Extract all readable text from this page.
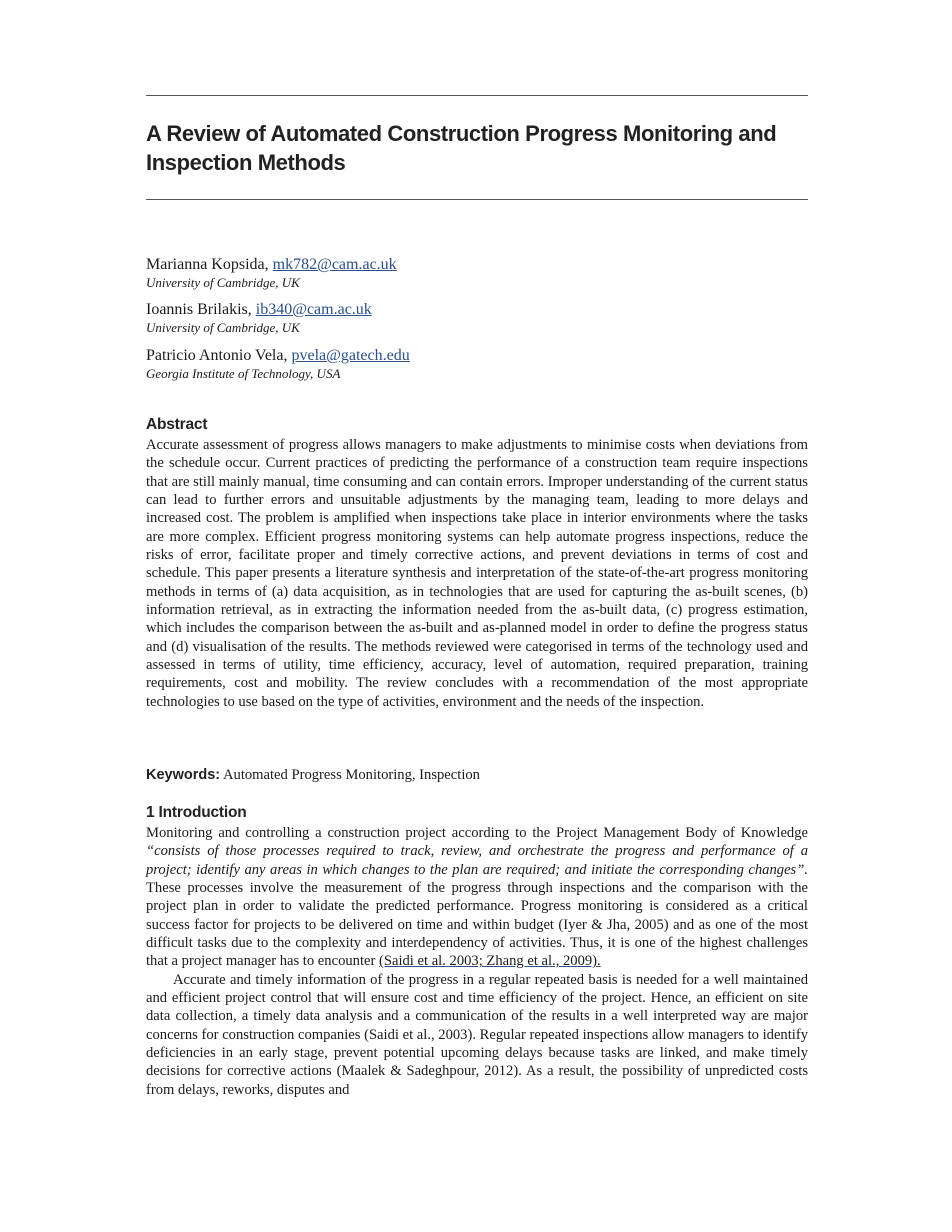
A Review of Automated Construction Progress Monitoring and Inspection Methods
Marianna Kopsida, mk782@cam.ac.uk
University of Cambridge, UK
Ioannis Brilakis, ib340@cam.ac.uk
University of Cambridge, UK
Patricio Antonio Vela, pvela@gatech.edu
Georgia Institute of Technology, USA
Abstract

Accurate assessment of progress allows managers to make adjustments to minimise costs when deviations from the schedule occur. Current practices of predicting the performance of a construction team require inspections that are still mainly manual, time consuming and can contain errors. Improper understanding of the current status can lead to further errors and unsuitable adjustments by the managing team, leading to more delays and increased cost. The problem is amplified when inspections take place in interior environments where the tasks are more complex. Efficient progress monitoring systems can help automate progress inspections, reduce the risks of error, facilitate proper and timely corrective actions, and prevent deviations in terms of cost and schedule. This paper presents a literature synthesis and interpretation of the state-of-the-art progress monitoring methods in terms of (a) data acquisition, as in technologies that are used for capturing the as-built scenes, (b) information retrieval, as in extracting the information needed from the as-built data, (c) progress estimation, which includes the comparison between the as-built and as-planned model in order to define the progress status and (d) visualisation of the results. The methods reviewed were categorised in terms of the technology used and assessed in terms of utility, time efficiency, accuracy, level of automation, required preparation, training requirements, cost and mobility. The review concludes with a recommendation of the most appropriate technologies to use based on the type of activities, environment and the needs of the inspection.

Keywords: Automated Progress Monitoring, Inspection
1 Introduction

Monitoring and controlling a construction project according to the Project Management Body of Knowledge “consists of those processes required to track, review, and orchestrate the progress and performance of a project; identify any areas in which changes to the plan are required; and initiate the corresponding changes”. These processes involve the measurement of the progress through inspections and the comparison with the project plan in order to validate the predicted performance. Progress monitoring is considered as a critical success factor for projects to be delivered on time and within budget (Iyer & Jha, 2005) and as one of the most difficult tasks due to the complexity and interdependency of activities. Thus, it is one of the highest challenges that a project manager has to encounter (Saidi et al. 2003; Zhang et al., 2009).

Accurate and timely information of the progress in a regular repeated basis is needed for a well maintained and efficient project control that will ensure cost and time efficiency of the project. Hence, an efficient on site data collection, a timely data analysis and a communication of the results in a well interpreted way are major concerns for construction companies (Saidi et al., 2003). Regular repeated inspections allow managers to identify deficiencies in an early stage, prevent potential upcoming delays because tasks are linked, and make timely decisions for corrective actions (Maalek & Sadeghpour, 2012). As a result, the possibility of unpredicted costs from delays, reworks, disputes and
